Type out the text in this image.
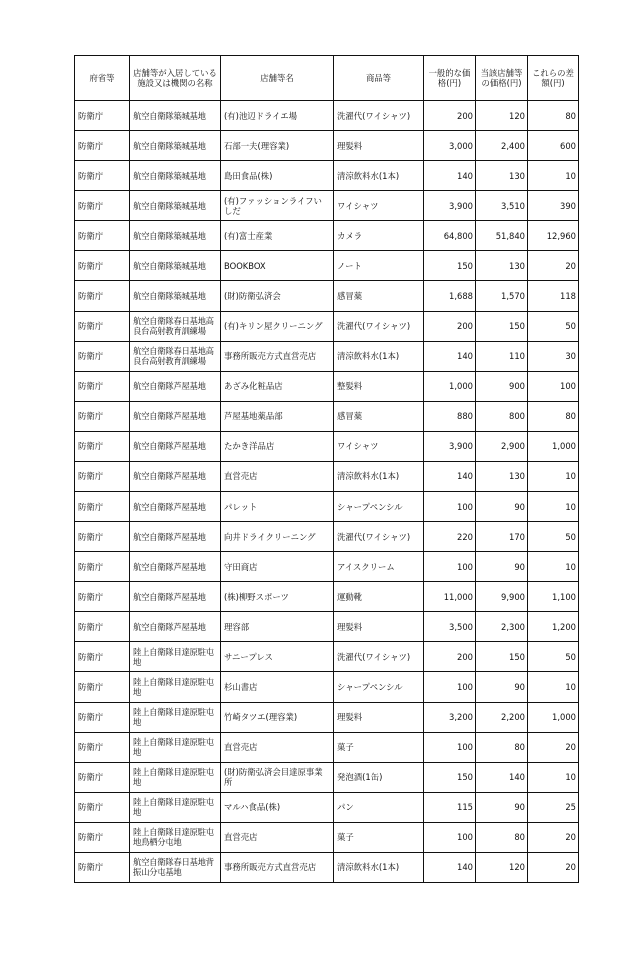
府省等	店舗等が入居している施設又は機関の名称	店舗等名	商品等	一般的な価格(円)	当該店舗等の価格(円)	これらの差額(円)
防衛庁	航空自衛隊築城基地	(有)池辺ドライエ場	洗濯代(ワイシャツ)	200	120	80
防衛庁	航空自衛隊築城基地	石部一夫(理容業)	理髪料	3,000	2,400	600
防衛庁	航空自衛隊築城基地	島田食品(株)	清涼飲料水(1本)	140	130	10
防衛庁	航空自衛隊築城基地	(有)ファッションライフいしだ	ワイシャツ	3,900	3,510	390
防衛庁	航空自衛隊築城基地	(有)富士産業	カメラ	64,800	51,840	12,960
防衛庁	航空自衛隊築城基地	BOOKBOX	ノート	150	130	20
防衛庁	航空自衛隊築城基地	(財)防衛弘済会	感冒薬	1,688	1,570	118
防衛庁	航空自衛隊春日基地高良台高射教育訓練場	(有)キリン屋クリーニング	洗濯代(ワイシャツ)	200	150	50
防衛庁	航空自衛隊春日基地高良台高射教育訓練場	事務所販売方式直営売店	清涼飲料水(1本)	140	110	30
防衛庁	航空自衛隊芦屋基地	あざみ化粧品店	整髪料	1,000	900	100
防衛庁	航空自衛隊芦屋基地	芦屋基地薬品部	感冒薬	880	800	80
防衛庁	航空自衛隊芦屋基地	たかき洋品店	ワイシャツ	3,900	2,900	1,000
防衛庁	航空自衛隊芦屋基地	直営売店	清涼飲料水(1本)	140	130	10
防衛庁	航空自衛隊芦屋基地	パレット	シャープペンシル	100	90	10
防衛庁	航空自衛隊芦屋基地	向井ドライクリーニング	洗濯代(ワイシャツ)	220	170	50
防衛庁	航空自衛隊芦屋基地	守田商店	アイスクリーム	100	90	10
防衛庁	航空自衛隊芦屋基地	(株)柳野スポーツ	運動靴	11,000	9,900	1,100
防衛庁	航空自衛隊芦屋基地	理容部	理髪料	3,500	2,300	1,200
防衛庁	陸上自衛隊目達原駐屯地	サニープレス	洗濯代(ワイシャツ)	200	150	50
防衛庁	陸上自衛隊目達原駐屯地	杉山書店	シャープペンシル	100	90	10
防衛庁	陸上自衛隊目達原駐屯地	竹崎タツエ(理容業)	理髪料	3,200	2,200	1,000
防衛庁	陸上自衛隊目達原駐屯地	直営売店	菓子	100	80	20
防衛庁	陸上自衛隊目達原駐屯地	(財)防衛弘済会目達原事業所	発泡酒(1缶)	150	140	10
防衛庁	陸上自衛隊目達原駐屯地	マルハ食品(株)	パン	115	90	25
防衛庁	陸上自衛隊目達原駐屯地鳥栖分屯地	直営売店	菓子	100	80	20
防衛庁	航空自衛隊春日基地背振山分屯基地	事務所販売方式直営売店	清涼飲料水(1本)	140	120	20
